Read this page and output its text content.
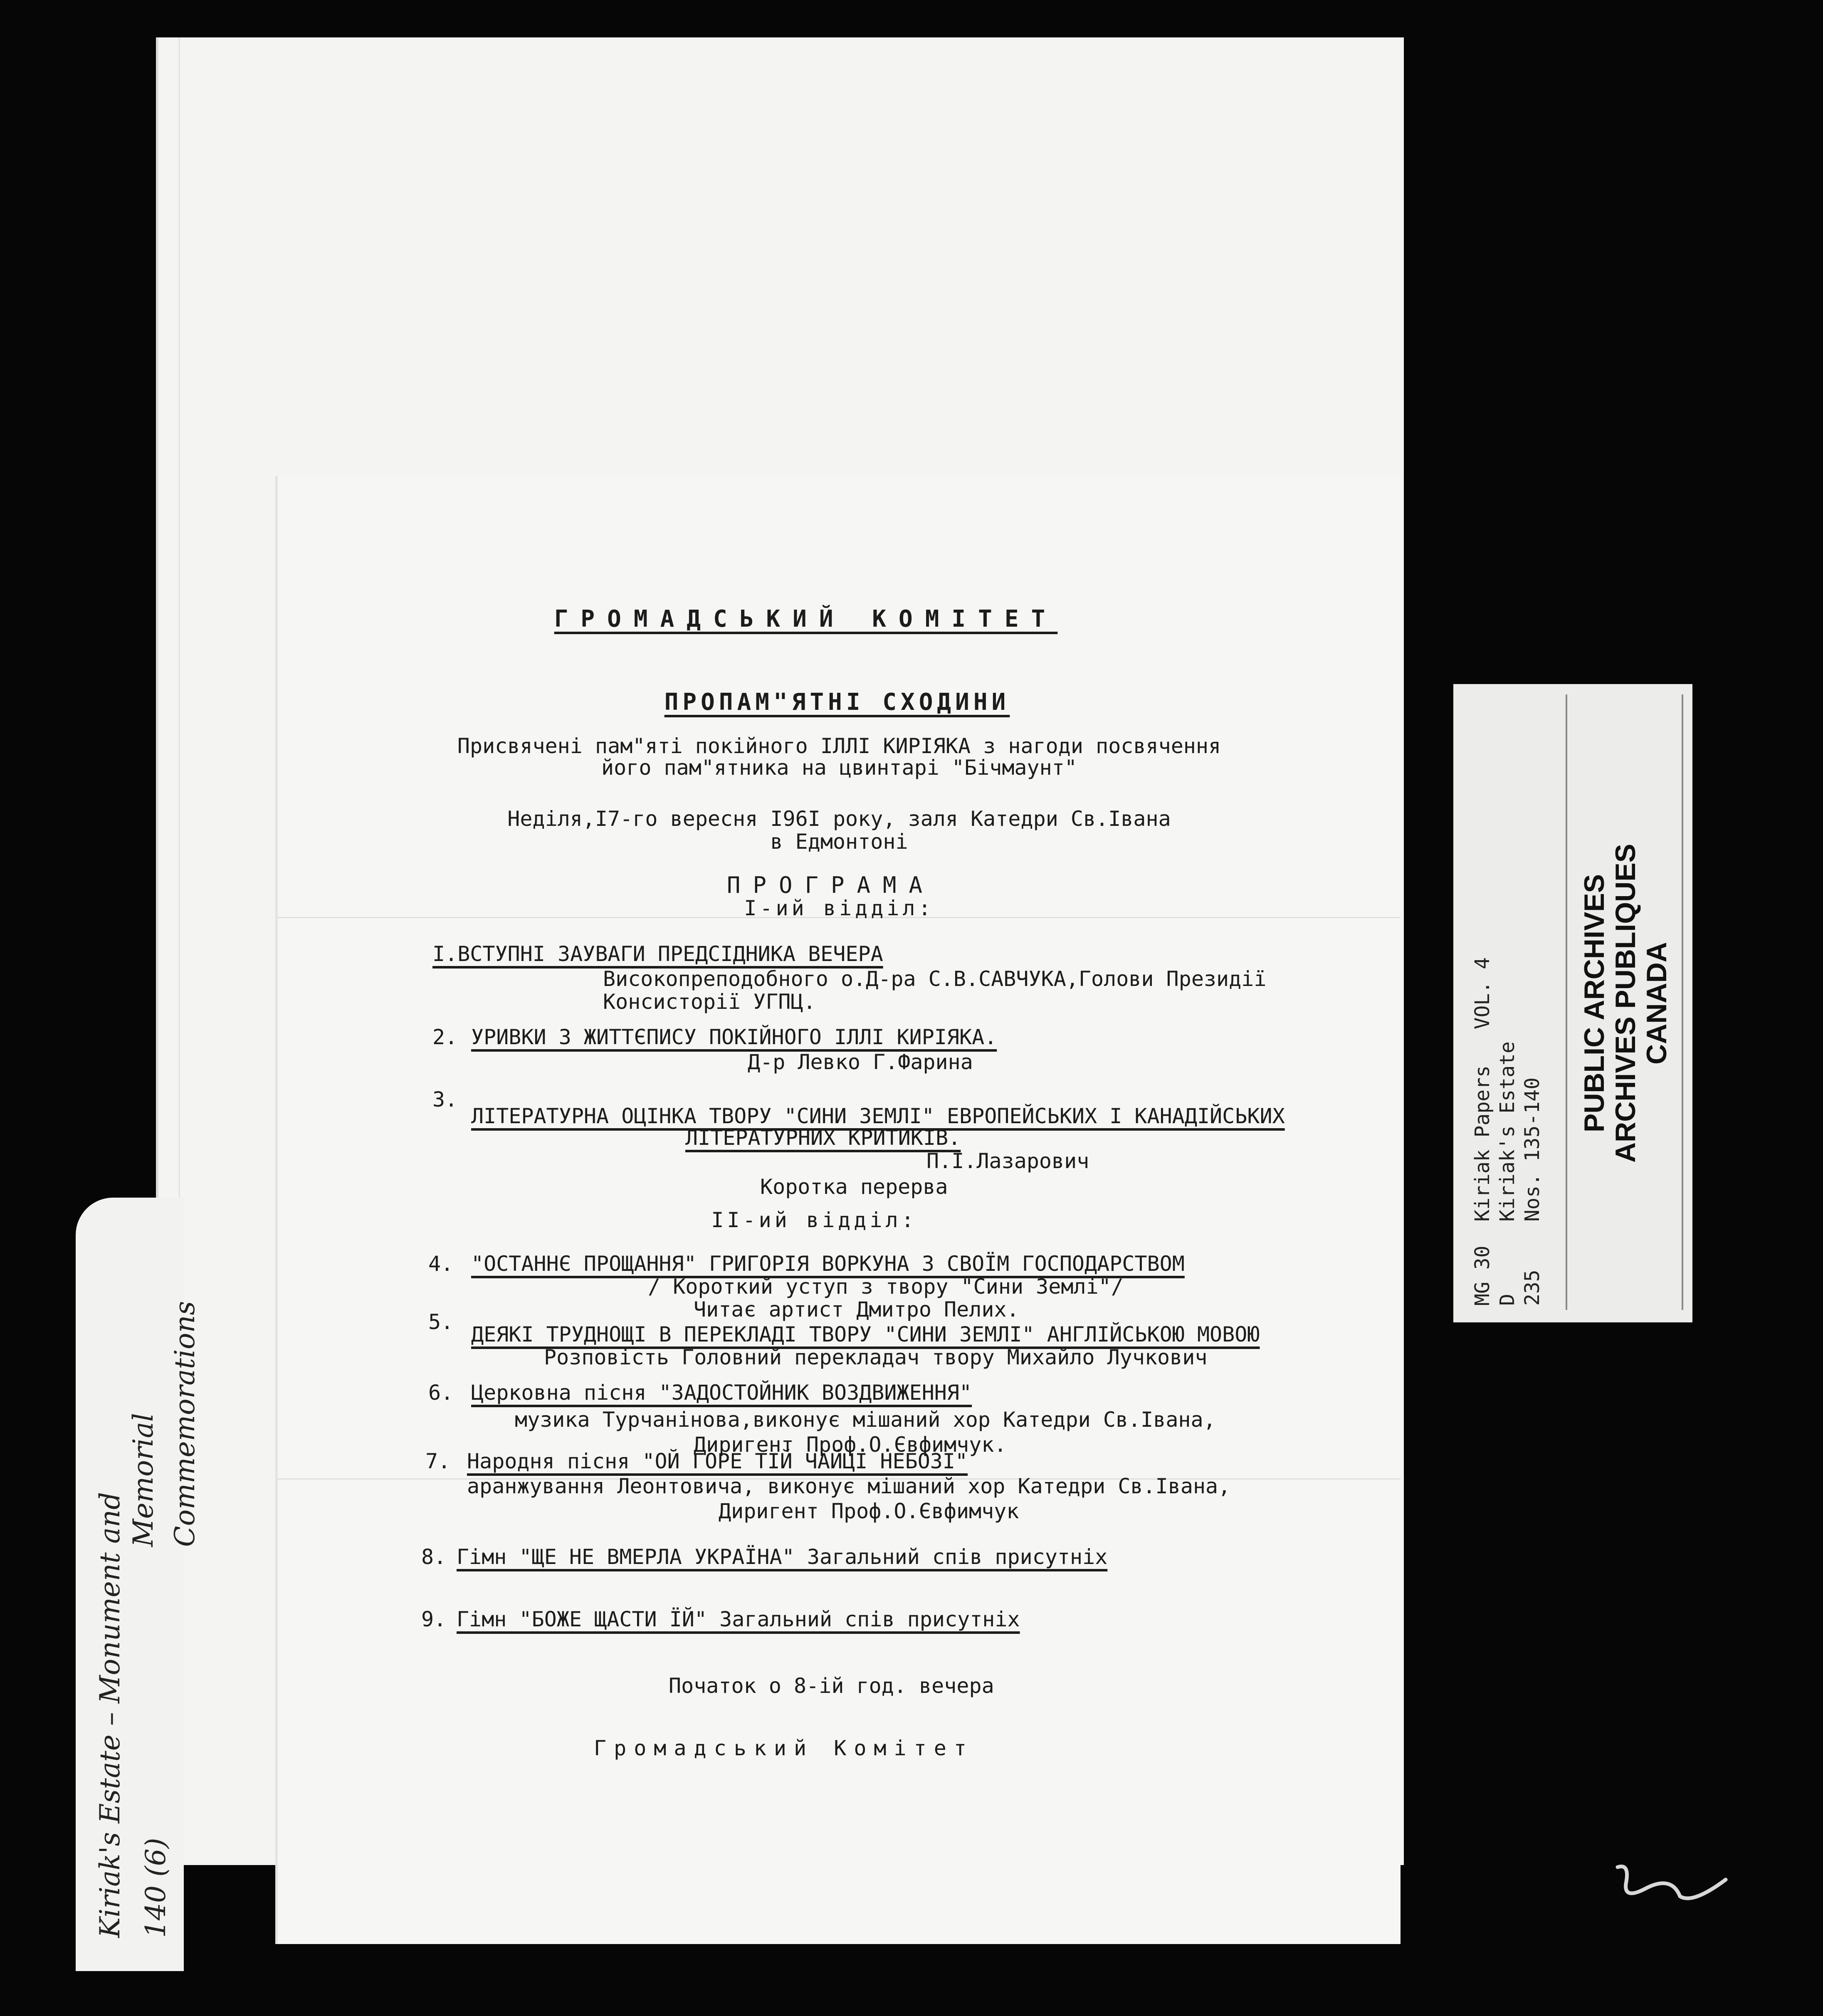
Kiriak's Estate – Monument and
Memorial Commemorations
140 (6)
ГРОМАДСЬКИЙ КОМІТЕТ
ПРОПАМ"ЯТНІ СХОДИНИ
Присвячені пам"яті покійного ІЛЛІ КИРІЯКА з нагоди посвячення
його пам"ятника на цвинтарі "Бічмаунт"
Неділя,І7-го вересня І96І року, заля Катедри Св.Івана
в Едмонтоні
ПРОГРАМА
І-ий відділ:
І.ВСТУПНІ ЗАУВАГИ ПРЕДСІДНИКА ВЕЧЕРА
Високопреподобного о.Д-ра С.В.САВЧУКА,Голови Президії
Консисторії УГПЦ.
2. УРИВКИ З ЖИТТЄПИСУ ПОКІЙНОГО ІЛЛІ КИРІЯКА.
Д-р Левко Г.Фарина
3.
ЛІТЕРАТУРНА ОЦІНКА ТВОРУ "СИНИ ЗЕМЛІ" ЕВРОПЕЙСЬКИХ І КАНАДІЙСЬКИХ
ЛІТЕРАТУРНИХ КРИТИКІВ.
П.І.Лазарович
Коротка перерва
ІІ-ий відділ:
4. "ОСТАННЄ ПРОЩАННЯ" ГРИГОРІЯ ВОРКУНА З СВОЇМ ГОСПОДАРСТВОМ
/ Короткий уступ з твору "Сини Землі"/
Читає артист Дмитро Пелих.
5.
ДЕЯКІ ТРУДНОЩІ В ПЕРЕКЛАДІ ТВОРУ "СИНИ ЗЕМЛІ" АНГЛІЙСЬКОЮ МОВОЮ
Розповість Головний перекладач твору Михайло Лучкович
6. Церковна пісня "ЗАДОСТОЙНИК ВОЗДВИЖЕННЯ"
музика Турчанінова,виконує мішаний хор Катедри Св.Івана,
Диригент Проф.О.Євфимчук.
7. Народня пісня "ОЙ ГОРЕ ТІЙ ЧАЙЦІ НЕБОЗІ"
аранжування Леонтовича, виконує мішаний хор Катедри Св.Івана,
Диригент Проф.О.Євфимчук
8. Гімн "ЩЕ НЕ ВМЕРЛА УКРАЇНА" Загальний спів присутніх
9. Гімн "БОЖЕ ЩАСТИ ЇЙ" Загальний спів присутніх
Початок о 8-ій год. вечера
Громадський Комітет
MG 30  Kiriak Papers   VOL. 4 D      Kiriak's Estate 235    Nos. 135-140
PUBLIC ARCHIVES ARCHIVES PUBLIQUES CANADA
